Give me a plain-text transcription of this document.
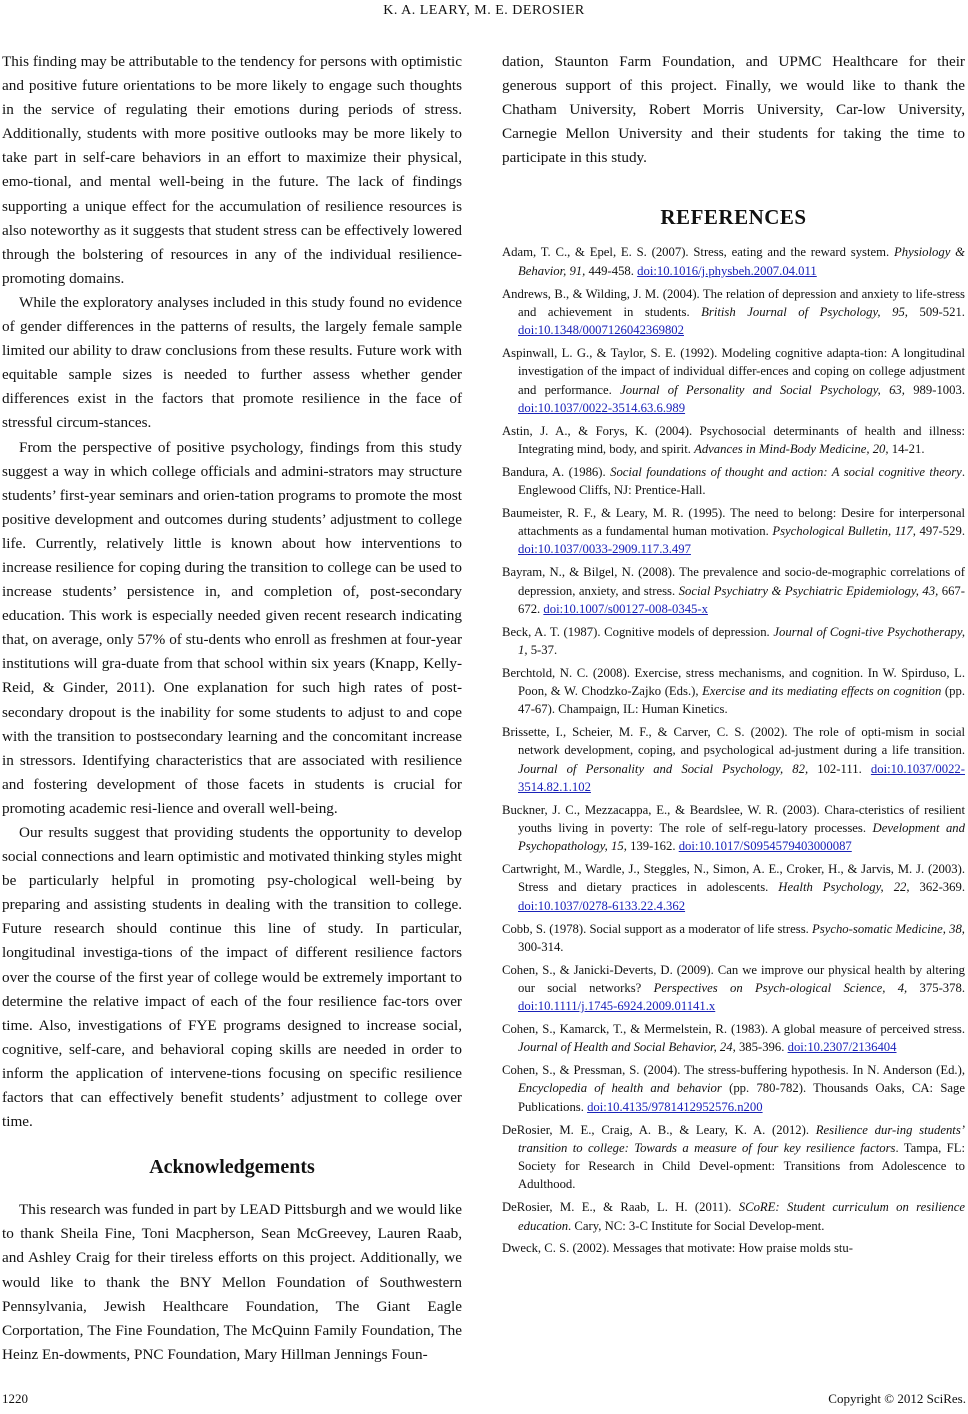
K. A. LEARY, M. E. DEROSIER

This finding may be attributable to the tendency for persons with optimistic and positive future orientations to be more likely to engage such thoughts in the service of regulating their emotions during periods of stress. Additionally, students with more positive outlooks may be more likely to take part in self-care behaviors in an effort to maximize their physical, emo-tional, and mental well-being in the future. The lack of findings supporting a unique effect for the accumulation of resilience resources is also noteworthy as it suggests that student stress can be effectively lowered through the bolstering of resources in any of the individual resilience-promoting domains.

While the exploratory analyses included in this study found no evidence of gender differences in the patterns of results, the largely female sample limited our ability to draw conclusions from these results. Future work with equitable sample sizes is needed to further assess whether gender differences exist in the factors that promote resilience in the face of stressful circum-stances.

From the perspective of positive psychology, findings from this study suggest a way in which college officials and admini-strators may structure students’ first-year seminars and orien-tation programs to promote the most positive development and outcomes during students’ adjustment to college life. Currently, relatively little is known about how interventions to increase resilience for coping during the transition to college can be used to increase students’ persistence in, and completion of, post-secondary education. This work is especially needed given recent research indicating that, on average, only 57% of stu-dents who enroll as freshmen at four-year institutions will gra-duate from that school within six years (Knapp, Kelly-Reid, & Ginder, 2011). One explanation for such high rates of post-secondary dropout is the inability for some students to adjust to and cope with the transition to postsecondary learning and the concomitant increase in stressors. Identifying characteristics that are associated with resilience and fostering development of those facets in students is crucial for promoting academic resi-lience and overall well-being.

Our results suggest that providing students the opportunity to develop social connections and learn optimistic and motivated thinking styles might be particularly helpful in promoting psy-chological well-being by preparing and assisting students in dealing with the transition to college. Future research should continue this line of study. In particular, longitudinal investiga-tions of the impact of different resilience factors over the course of the first year of college would be extremely important to determine the relative impact of each of the four resilience fac-tors over time. Also, investigations of FYE programs designed to increase social, cognitive, self-care, and behavioral coping skills are needed in order to inform the application of intervene-tions focusing on specific resilience factors that can effectively benefit students’ adjustment to college over time.

Acknowledgements

This research was funded in part by LEAD Pittsburgh and we would like to thank Sheila Fine, Toni Macpherson, Sean McGreevey, Lauren Raab, and Ashley Craig for their tireless efforts on this project. Additionally, we would like to thank the BNY Mellon Foundation of Southwestern Pennsylvania, Jewish Healthcare Foundation, The Giant Eagle Corportation, The Fine Foundation, The McQuinn Family Foundation, The Heinz En-dowments, PNC Foundation, Mary Hillman Jennings Foun-

dation, Staunton Farm Foundation, and UPMC Healthcare for their generous support of this project. Finally, we would like to thank the Chatham University, Robert Morris University, Car-low University, Carnegie Mellon University and their students for taking the time to participate in this study.

REFERENCES

Adam, T. C., & Epel, E. S. (2007). Stress, eating and the reward system. Physiology & Behavior, 91, 449-458. doi:10.1016/j.physbeh.2007.04.011

Andrews, B., & Wilding, J. M. (2004). The relation of depression and anxiety to life-stress and achievement in students. British Journal of Psychology, 95, 509-521. doi:10.1348/0007126042369802

Aspinwall, L. G., & Taylor, S. E. (1992). Modeling cognitive adapta-tion: A longitudinal investigation of the impact of individual differ-ences and coping on college adjustment and performance. Journal of Personality and Social Psychology, 63, 989-1003. doi:10.1037/0022-3514.63.6.989

Astin, J. A., & Forys, K. (2004). Psychosocial determinants of health and illness: Integrating mind, body, and spirit. Advances in Mind-Body Medicine, 20, 14-21.

Bandura, A. (1986). Social foundations of thought and action: A social cognitive theory. Englewood Cliffs, NJ: Prentice-Hall.

Baumeister, R. F., & Leary, M. R. (1995). The need to belong: Desire for interpersonal attachments as a fundamental human motivation. Psychological Bulletin, 117, 497-529. doi:10.1037/0033-2909.117.3.497

Bayram, N., & Bilgel, N. (2008). The prevalence and socio-de-mographic correlations of depression, anxiety, and stress. Social Psychiatry & Psychiatric Epidemiology, 43, 667-672. doi:10.1007/s00127-008-0345-x

Beck, A. T. (1987). Cognitive models of depression. Journal of Cogni-tive Psychotherapy, 1, 5-37.

Berchtold, N. C. (2008). Exercise, stress mechanisms, and cognition. In W. Spirduso, L. Poon, & W. Chodzko-Zajko (Eds.), Exercise and its mediating effects on cognition (pp. 47-67). Champaign, IL: Human Kinetics.

Brissette, I., Scheier, M. F., & Carver, C. S. (2002). The role of opti-mism in social network development, coping, and psychological ad-justment during a life transition. Journal of Personality and Social Psychology, 82, 102-111. doi:10.1037/0022-3514.82.1.102

Buckner, J. C., Mezzacappa, E., & Beardslee, W. R. (2003). Chara-cteristics of resilient youths living in poverty: The role of self-regu-latory processes. Development and Psychopathology, 15, 139-162. doi:10.1017/S0954579403000087

Cartwright, M., Wardle, J., Steggles, N., Simon, A. E., Croker, H., & Jarvis, M. J. (2003). Stress and dietary practices in adolescents. Health Psychology, 22, 362-369. doi:10.1037/0278-6133.22.4.362

Cobb, S. (1978). Social support as a moderator of life stress. Psycho-somatic Medicine, 38, 300-314.

Cohen, S., & Janicki-Deverts, D. (2009). Can we improve our physical health by altering our social networks? Perspectives on Psych-ological Science, 4, 375-378. doi:10.1111/j.1745-6924.2009.01141.x

Cohen, S., Kamarck, T., & Mermelstein, R. (1983). A global measure of perceived stress. Journal of Health and Social Behavior, 24, 385-396. doi:10.2307/2136404

Cohen, S., & Pressman, S. (2004). The stress-buffering hypothesis. In N. Anderson (Ed.), Encyclopedia of health and behavior (pp. 780-782). Thousands Oaks, CA: Sage Publications. doi:10.4135/9781412952576.n200

DeRosier, M. E., Craig, A. B., & Leary, K. A. (2012). Resilience dur-ing students’ transition to college: Towards a measure of four key resilience factors. Tampa, FL: Society for Research in Child Devel-opment: Transitions from Adolescence to Adulthood.

DeRosier, M. E., & Raab, L. H. (2011). SCoRE: Student curriculum on resilience education. Cary, NC: 3-C Institute for Social Develop-ment.

Dweck, C. S. (2002). Messages that motivate: How praise molds stu-

1220	Copyright © 2012 SciRes.
